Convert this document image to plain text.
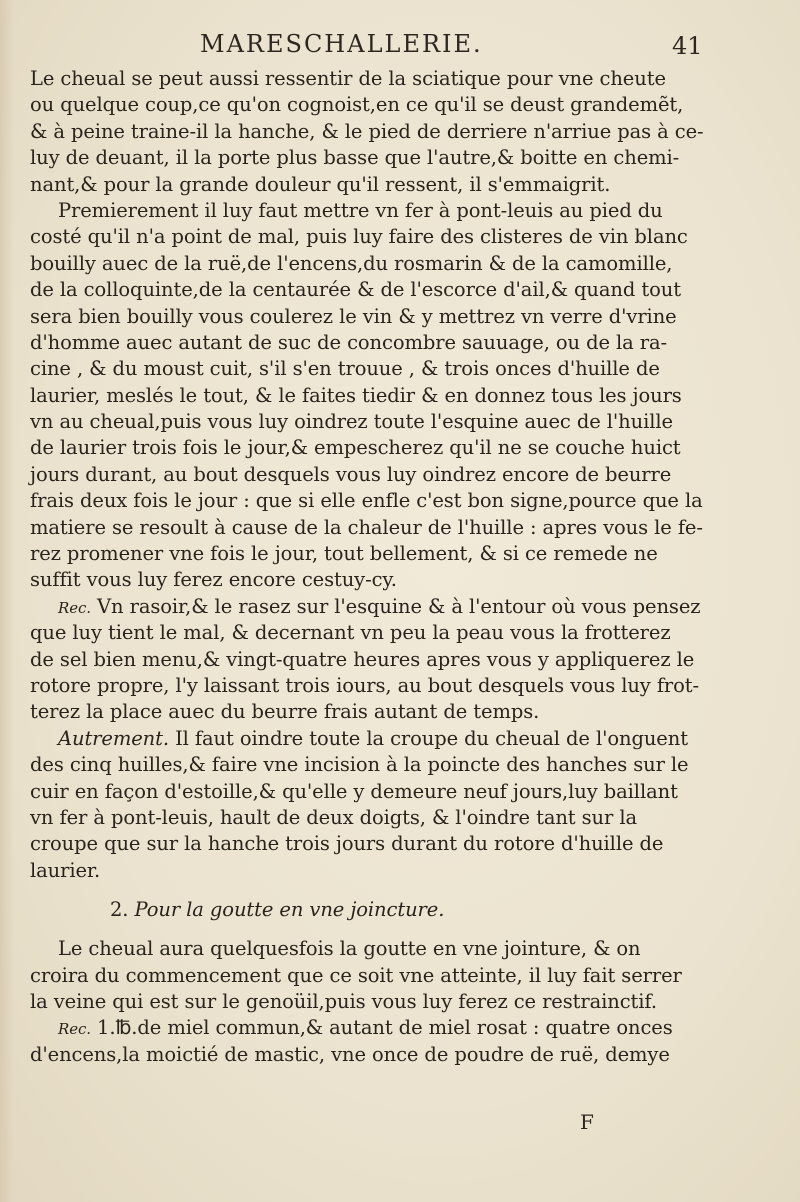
MARESCHALLERIE.	41
Le cheual se peut aussi ressentir de la sciatique pour vne cheute
ou quelque coup,ce qu'on cognoist,en ce qu'il se deust grandemẽt,
& à peine traine-il la hanche, & le pied de derriere n'arriue pas à ce-
luy de deuant, il la porte plus basse que l'autre,& boitte en chemi-
nant,& pour la grande douleur qu'il ressent, il s'emmaigrit.
Premierement il luy faut mettre vn fer à pont-leuis au pied du
costé qu'il n'a point de mal, puis luy faire des clisteres de vin blanc
bouilly auec de la ruë,de l'encens,du rosmarin & de la camomille,
de la colloquinte,de la centaurée & de l'escorce d'ail,& quand tout
sera bien bouilly vous coulerez le vin & y mettrez vn verre d'vrine
d'homme auec autant de suc de concombre sauuage, ou de la ra-
cine , & du moust cuit, s'il s'en trouue , & trois onces d'huille de
laurier, meslés le tout, & le faites tiedir & en donnez tous les jours
vn au cheual,puis vous luy oindrez toute l'esquine auec de l'huille
de laurier trois fois le jour,& empescherez qu'il ne se couche huict
jours durant, au bout desquels vous luy oindrez encore de beurre
frais deux fois le jour : que si elle enfle c'est bon signe,pource que la
matiere se resoult à cause de la chaleur de l'huille : apres vous le fe-
rez promener vne fois le jour, tout bellement, & si ce remede ne
suffit vous luy ferez encore cestuy-cy.
Rec. Vn rasoir,& le rasez sur l'esquine & à l'entour où vous pensez
que luy tient le mal, & decernant vn peu la peau vous la frotterez
de sel bien menu,& vingt-quatre heures apres vous y appliquerez le
rotore propre, l'y laissant trois iours, au bout desquels vous luy frot-
terez la place auec du beurre frais autant de temps.
Autrement. Il faut oindre toute la croupe du cheual de l'onguent
des cinq huilles,& faire vne incision à la poincte des hanches sur le
cuir en façon d'estoille,& qu'elle y demeure neuf jours,luy baillant
vn fer à pont-leuis, hault de deux doigts, & l'oindre tant sur la
croupe que sur la hanche trois jours durant du rotore d'huille de
laurier.
2. Pour la goutte en vne joincture.
Le cheual aura quelquesfois la goutte en vne jointure, & on
croira du commencement que ce soit vne atteinte, il luy fait serrer
la veine qui est sur le genoüil,puis vous luy ferez ce restrainctif.
Rec. 1.℔.de miel commun,& autant de miel rosat : quatre onces
d'encens,la moictié de mastic, vne once de poudre de ruë, demye
F
